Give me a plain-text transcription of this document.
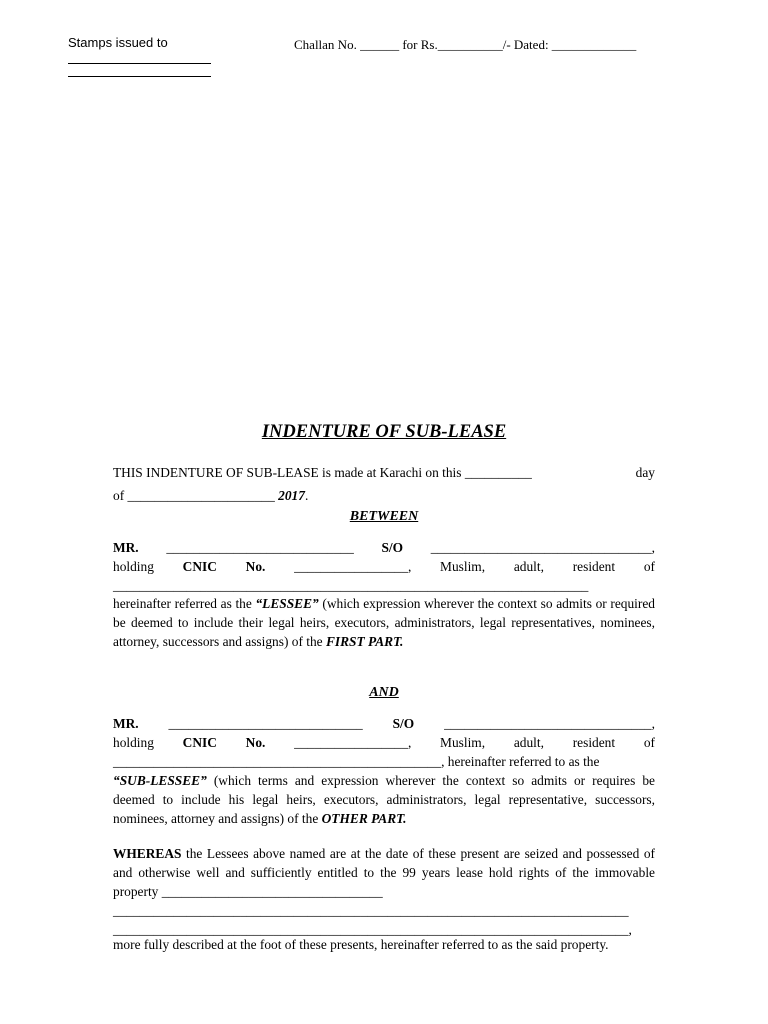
Stamps issued to	Challan No. ______ for Rs.__________/- Dated: _____________
INDENTURE OF SUB-LEASE
THIS INDENTURE OF SUB-LEASE is made at Karachi on this __________	day
of ______________________ 2017.
BETWEEN
MR. ____________________________ S/O _________________________________,
holding CNIC No. _________________, Muslim, adult, resident of
_______________________________________________________________________
hereinafter referred as the “LESSEE” (which expression wherever the context so admits or required be deemed to include their legal heirs, executors, administrators, legal representatives, nominees, attorney, successors and assigns) of the FIRST PART.
AND
MR. _____________________________ S/O _______________________________,
holding CNIC No. _________________, Muslim, adult, resident of
_________________________________________________, hereinafter referred to as the
“SUB-LESSEE” (which terms and expression wherever the context so admits or requires be deemed to include his legal heirs, executors, administrators, legal representative, successors, nominees, attorney and assigns) of the OTHER PART.
WHEREAS the Lessees above named are at the date of these present are seized and possessed of and otherwise well and sufficiently entitled to the 99 years lease hold rights of the immovable property _________________________________
_____________________________________________________________________________
_____________________________________________________________________________,
more fully described at the foot of these presents, hereinafter referred to as the said property.
